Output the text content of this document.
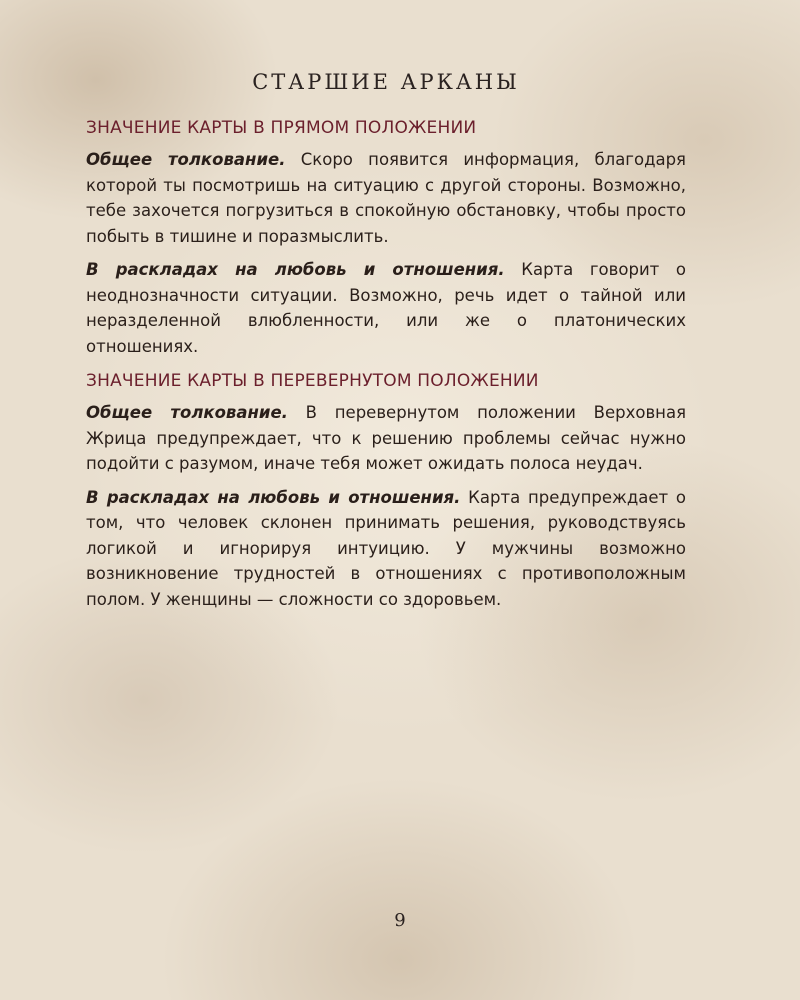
СТАРШИЕ АРКАНЫ
ЗНАЧЕНИЕ КАРТЫ В ПРЯМОМ ПОЛОЖЕНИИ

Общее толкование. Скоро появится информация, благодаря которой ты посмотришь на ситуацию с другой стороны. Возможно, тебе захочется погрузиться в спокойную обстановку, чтобы просто побыть в тишине и поразмыслить.

В раскладах на любовь и отношения. Карта говорит о неоднозначности ситуации. Возможно, речь идет о тайной или неразделенной влюбленности, или же о платонических отношениях.

ЗНАЧЕНИЕ КАРТЫ В ПЕРЕВЕРНУТОМ ПОЛОЖЕНИИ

Общее толкование. В перевернутом положении Верховная Жрица предупреждает, что к решению проблемы сейчас нужно подойти с разумом, иначе тебя может ожидать полоса неудач.

В раскладах на любовь и отношения. Карта предупреждает о том, что человек склонен принимать решения, руководствуясь логикой и игнорируя интуицию. У мужчины возможно возникновение трудностей в отношениях с противоположным полом. У женщины — сложности со здоровьем.

9
